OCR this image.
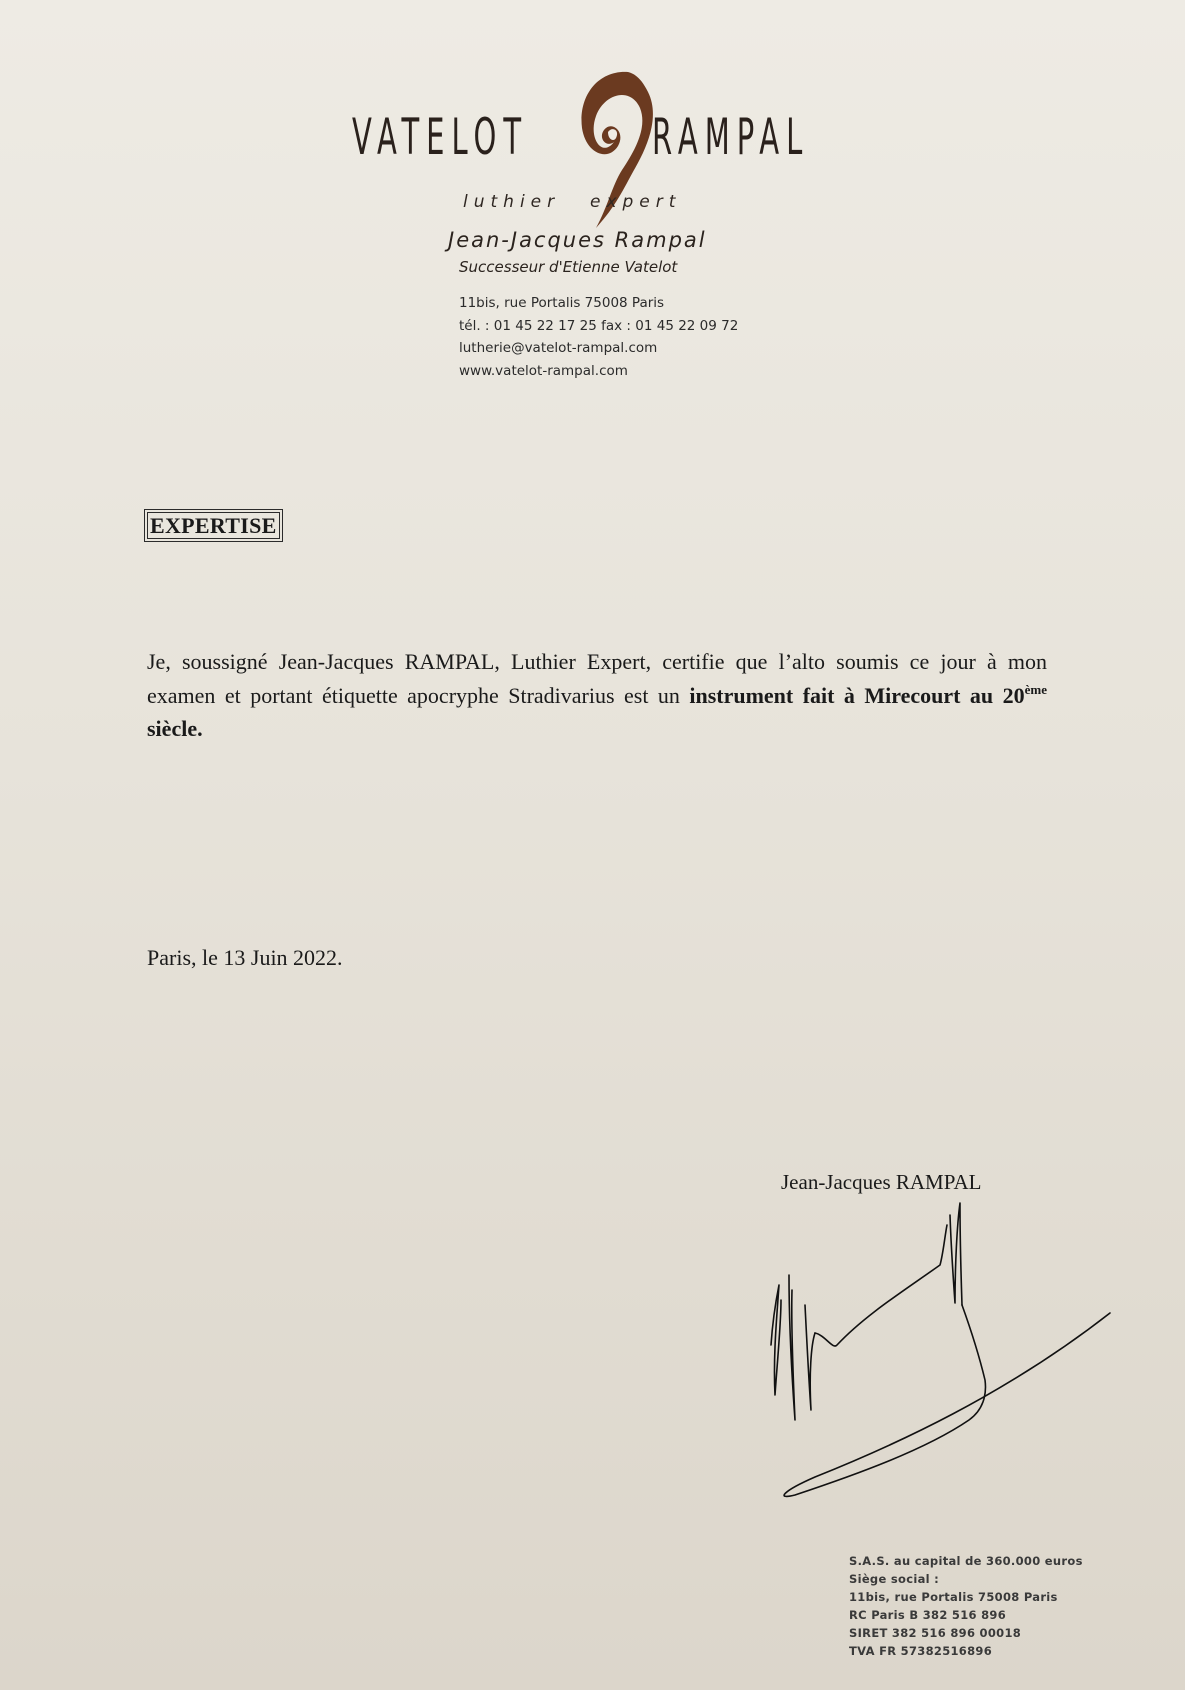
VATELOT RAMPAL
luthier expert
Jean-Jacques Rampal
Successeur d'Etienne Vatelot
11bis, rue Portalis 75008 Paris
tél. : 01 45 22 17 25 fax : 01 45 22 09 72
lutherie@vatelot-rampal.com
www.vatelot-rampal.com
EXPERTISE
Je, soussigné Jean-Jacques RAMPAL, Luthier Expert, certifie que l’alto soumis ce jour à mon examen et portant étiquette apocryphe Stradivarius est un instrument fait à Mirecourt au 20ème siècle.
Paris, le 13 Juin 2022.
Jean-Jacques RAMPAL
S.A.S. au capital de 360.000 euros
Siège social :
11bis, rue Portalis 75008 Paris
RC Paris B 382 516 896
SIRET 382 516 896 00018
TVA FR 57382516896
